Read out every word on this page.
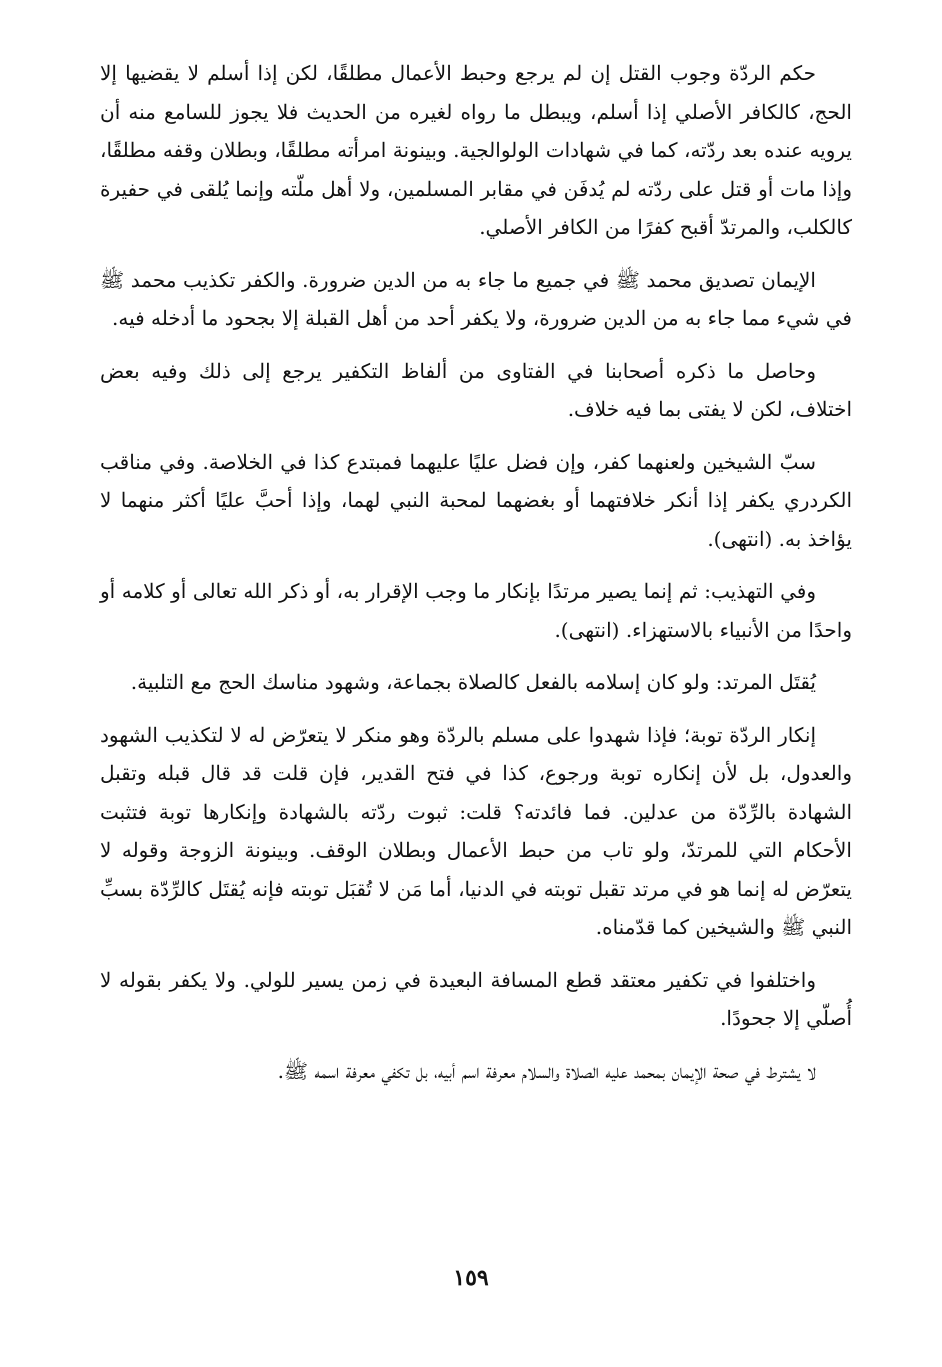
حكم الردّة وجوب القتل إن لم يرجع وحبط الأعمال مطلقًا، لكن إذا أسلم لا يقضيها إلا الحج، كالكافر الأصلي إذا أسلم، ويبطل ما رواه لغيره من الحديث فلا يجوز للسامع منه أن يرويه عنده بعد ردّته، كما في شهادات الولوالجية. وبينونة امرأته مطلقًا، وبطلان وقفه مطلقًا، وإذا مات أو قتل على ردّته لم يُدفَن في مقابر المسلمين، ولا أهل ملّته وإنما يُلقى في حفيرة كالكلب، والمرتدّ أقبح كفرًا من الكافر الأصلي.

الإيمان تصديق محمد ﷺ في جميع ما جاء به من الدين ضرورة. والكفر تكذيب محمد ﷺ في شيء مما جاء به من الدين ضرورة، ولا يكفر أحد من أهل القبلة إلا بجحود ما أدخله فيه.

وحاصل ما ذكره أصحابنا في الفتاوى من ألفاظ التكفير يرجع إلى ذلك وفيه بعض اختلاف، لكن لا يفتى بما فيه خلاف.

سبّ الشيخين ولعنهما كفر، وإن فضل عليًا عليهما فمبتدع كذا في الخلاصة. وفي مناقب الكردري يكفر إذا أنكر خلافتهما أو بغضهما لمحبة النبي لهما، وإذا أحبَّ عليًا أكثر منهما لا يؤاخذ به. (انتهى).

وفي التهذيب: ثم إنما يصير مرتدًا بإنكار ما وجب الإقرار به، أو ذكر الله تعالى أو كلامه أو واحدًا من الأنبياء بالاستهزاء. (انتهى).

يُقتَل المرتد: ولو كان إسلامه بالفعل كالصلاة بجماعة، وشهود مناسك الحج مع التلبية.

إنكار الردّة توبة؛ فإذا شهدوا على مسلم بالردّة وهو منكر لا يتعرّض له لا لتكذيب الشهود والعدول، بل لأن إنكاره توبة ورجوع، كذا في فتح القدير، فإن قلت قد قال قبله وتقبل الشهادة بالرِّدّة من عدلين. فما فائدته؟ قلت: ثبوت ردّته بالشهادة وإنكارها توبة فتثبت الأحكام التي للمرتدّ، ولو تاب من حبط الأعمال وبطلان الوقف. وبينونة الزوجة وقوله لا يتعرّض له إنما هو في مرتد تقبل توبته في الدنيا، أما مَن لا تُقبَل توبته فإنه يُقتَل كالرِّدّة بسبِّ النبي ﷺ والشيخين كما قدّمناه.

واختلفوا في تكفير معتقد قطع المسافة البعيدة في زمن يسير للولي. ولا يكفر بقوله لا أُصلّي إلا جحودًا.

لا يشترط في صحة الإيمان بمحمد عليه الصلاة والسلام معرفة اسم أبيه، بل تكفي معرفة اسمه ﷺ.

١٥٩
